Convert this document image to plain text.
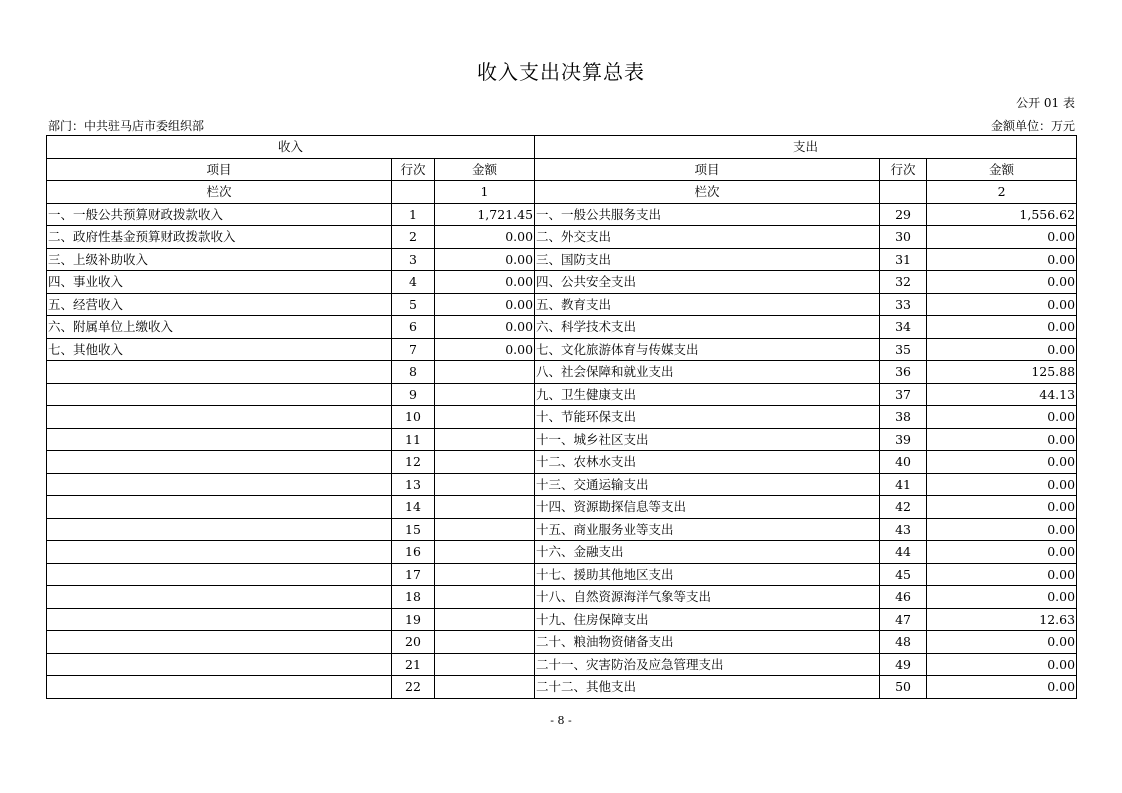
收入支出决算总表
公开 01 表
部门：中共驻马店市委组织部	金额单位：万元
收入			支出		
项目	行次	金额	项目	行次	金额
栏次		1	栏次		2
一、一般公共预算财政拨款收入	1	1,721.45	一、一般公共服务支出	29	1,556.62
二、政府性基金预算财政拨款收入	2	0.00	二、外交支出	30	0.00
三、上级补助收入	3	0.00	三、国防支出	31	0.00
四、事业收入	4	0.00	四、公共安全支出	32	0.00
五、经营收入	5	0.00	五、教育支出	33	0.00
六、附属单位上缴收入	6	0.00	六、科学技术支出	34	0.00
七、其他收入	7	0.00	七、文化旅游体育与传媒支出	35	0.00
	8		八、社会保障和就业支出	36	125.88
	9		九、卫生健康支出	37	44.13
	10		十、节能环保支出	38	0.00
	11		十一、城乡社区支出	39	0.00
	12		十二、农林水支出	40	0.00
	13		十三、交通运输支出	41	0.00
	14		十四、资源勘探信息等支出	42	0.00
	15		十五、商业服务业等支出	43	0.00
	16		十六、金融支出	44	0.00
	17		十七、援助其他地区支出	45	0.00
	18		十八、自然资源海洋气象等支出	46	0.00
	19		十九、住房保障支出	47	12.63
	20		二十、粮油物资储备支出	48	0.00
	21		二十一、灾害防治及应急管理支出	49	0.00
	22		二十二、其他支出	50	0.00
- 8 -
